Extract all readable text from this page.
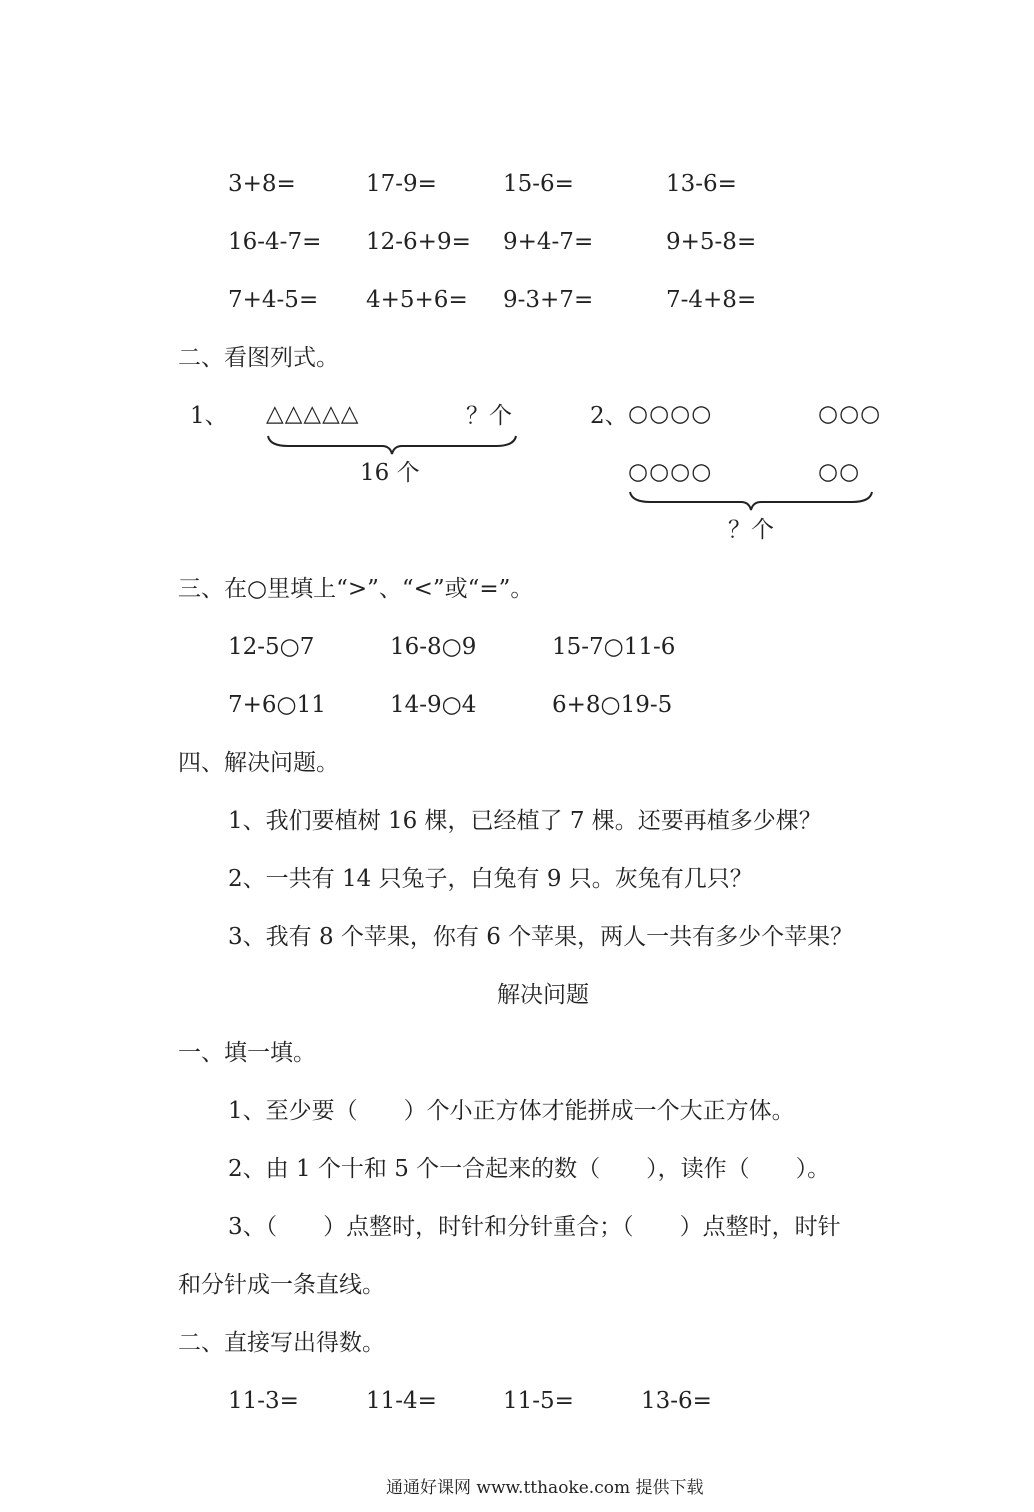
3+8=	17-9=	15-6=	13-6=
16-4-7= 12-6+9= 9+4-7=	9+5-8=
7+4-5= 4+5+6= 9-3+7=	7-4+8=
二、看图列式。
1、 △△△△△	？个
16 个
2、 ○○○○	○○○
○○○○	○○
？个
三、在○里填上“>”、“<”或“=”。
12-5○7	16-8○9	15-7○11-6
7+6○11	14-9○4	6+8○19-5
四、解决问题。
1、我们要植树 16 棵，已经植了 7 棵。还要再植多少棵？
2、一共有 14 只兔子，白兔有 9 只。灰兔有几只？
3、我有 8 个苹果，你有 6 个苹果，两人一共有多少个苹果？
解决问题
一、填一填。
1、至少要（　　）个小正方体才能拼成一个大正方体。
2、由 1 个十和 5 个一合起来的数（　　），读作（　　）。
3、（　　）点整时，时针和分针重合；（　　）点整时，时针
和分针成一条直线。
二、直接写出得数。
11-3=	11-4=	11-5=	13-6=
通通好课网 www.tthaoke.com 提供下载
